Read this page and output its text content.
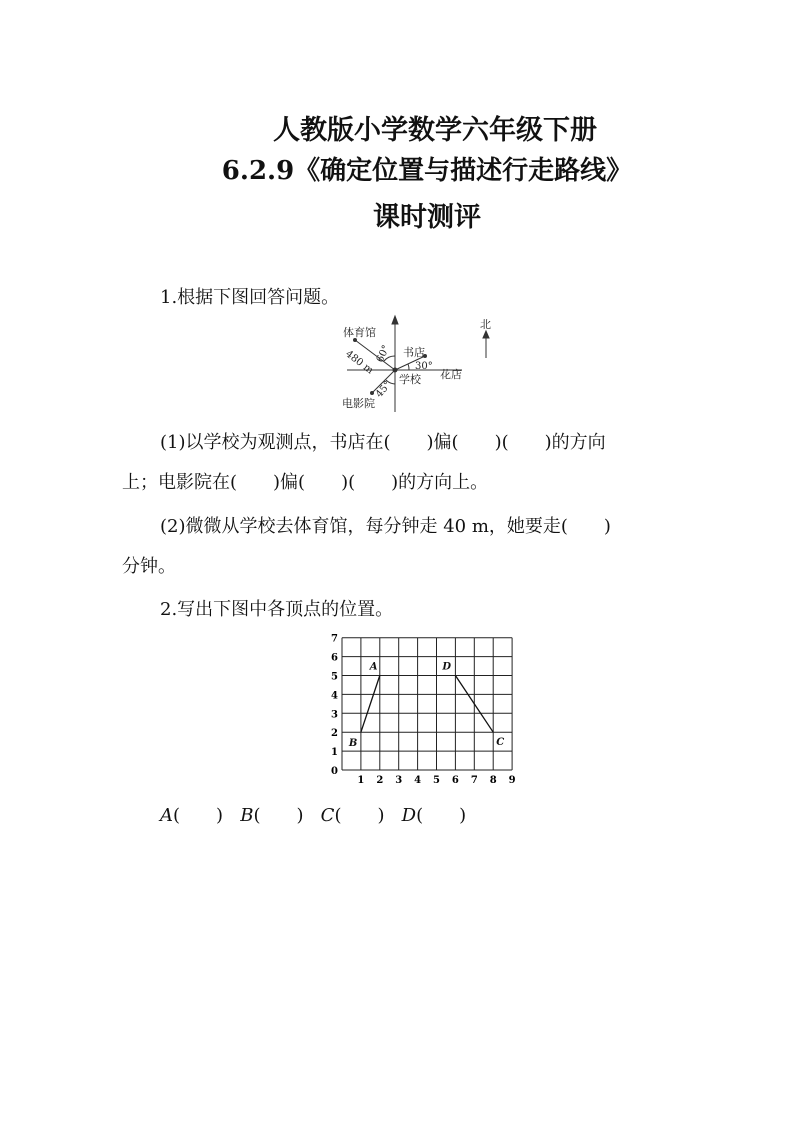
人教版小学数学六年级下册
6.2.9《确定位置与描述行走路线》
课时测评
1.根据下图回答问题。
北
体育馆
书店
花店
学校
电影院
30°
480 m 60°
45°
(1)以学校为观测点，书店在(　　)偏(　　)(　　)的方向
上；电影院在(　　)偏(　　)(　　)的方向上。
(2)微微从学校去体育馆，每分钟走 40 m，她要走(　　)
分钟。
2.写出下图中各顶点的位置。
1 2 3 4 5 6 7 8 9
0
1
2
3
4
5
6
7
A
B	C
D
A(　　) B(　　) C(　　) D(　　)
